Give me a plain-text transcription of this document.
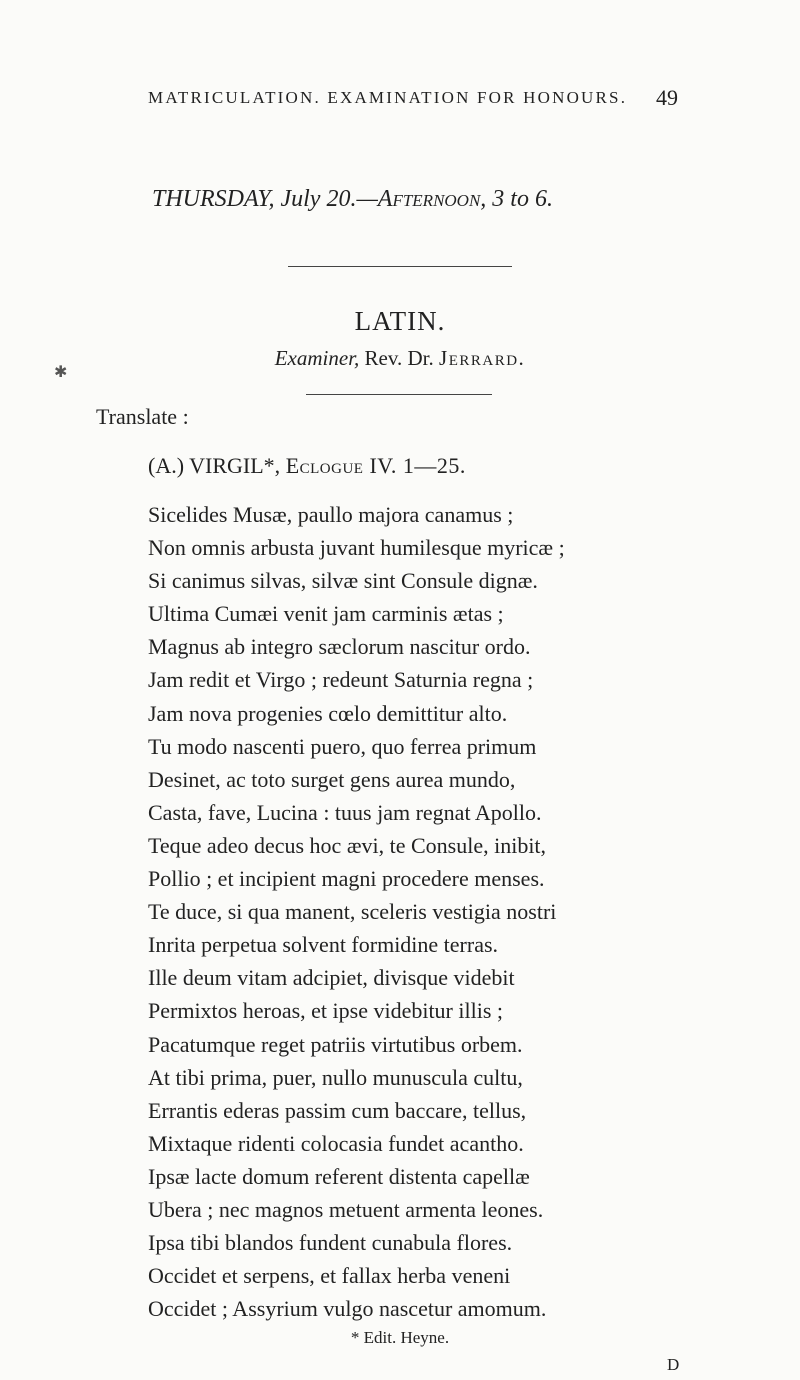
MATRICULATION. EXAMINATION FOR HONOURS. 49
THURSDAY, July 20.—Afternoon, 3 to 6.
LATIN.
Examiner, Rev. Dr. Jerrard.
✱
Translate :
(A.) VIRGIL*, Eclogue IV. 1—25.
Sicelides Musæ, paullo majora canamus ;
Non omnis arbusta juvant humilesque myricæ ;
Si canimus silvas, silvæ sint Consule dignæ.
Ultima Cumæi venit jam carminis ætas ;
Magnus ab integro sæclorum nascitur ordo.
Jam redit et Virgo ; redeunt Saturnia regna ;
Jam nova progenies cœlo demittitur alto.
Tu modo nascenti puero, quo ferrea primum
Desinet, ac toto surget gens aurea mundo,
Casta, fave, Lucina : tuus jam regnat Apollo.
Teque adeo decus hoc ævi, te Consule, inibit,
Pollio ; et incipient magni procedere menses.
Te duce, si qua manent, sceleris vestigia nostri
Inrita perpetua solvent formidine terras.
Ille deum vitam adcipiet, divisque videbit
Permixtos heroas, et ipse videbitur illis ;
Pacatumque reget patriis virtutibus orbem.
At tibi prima, puer, nullo munuscula cultu,
Errantis ederas passim cum baccare, tellus,
Mixtaque ridenti colocasia fundet acantho.
Ipsæ lacte domum referent distenta capellæ
Ubera ; nec magnos metuent armenta leones.
Ipsa tibi blandos fundent cunabula flores.
Occidet et serpens, et fallax herba veneni
Occidet ; Assyrium vulgo nascetur amomum.
* Edit. Heyne.
D
